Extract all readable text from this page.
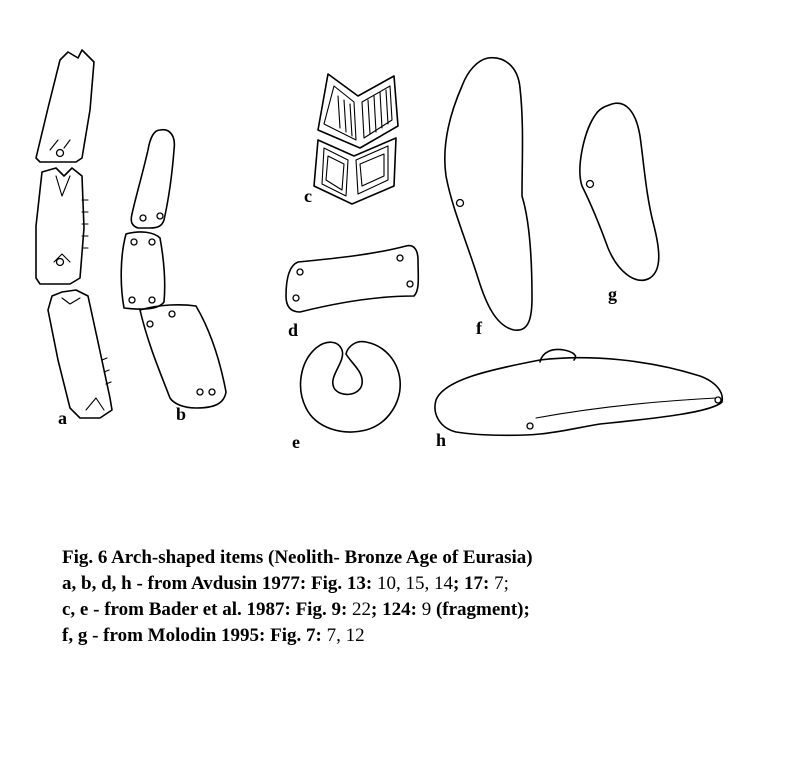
a	b
c
d
e
f
g
h
Fig. 6 Arch-shaped items (Neolith- Bronze Age of Eurasia)
a, b, d, h - from Avdusin 1977: Fig. 13: 10, 15, 14; 17: 7;
c, e - from Bader et al. 1987: Fig. 9: 22; 124: 9 (fragment);
f, g - from Molodin 1995: Fig. 7: 7, 12
